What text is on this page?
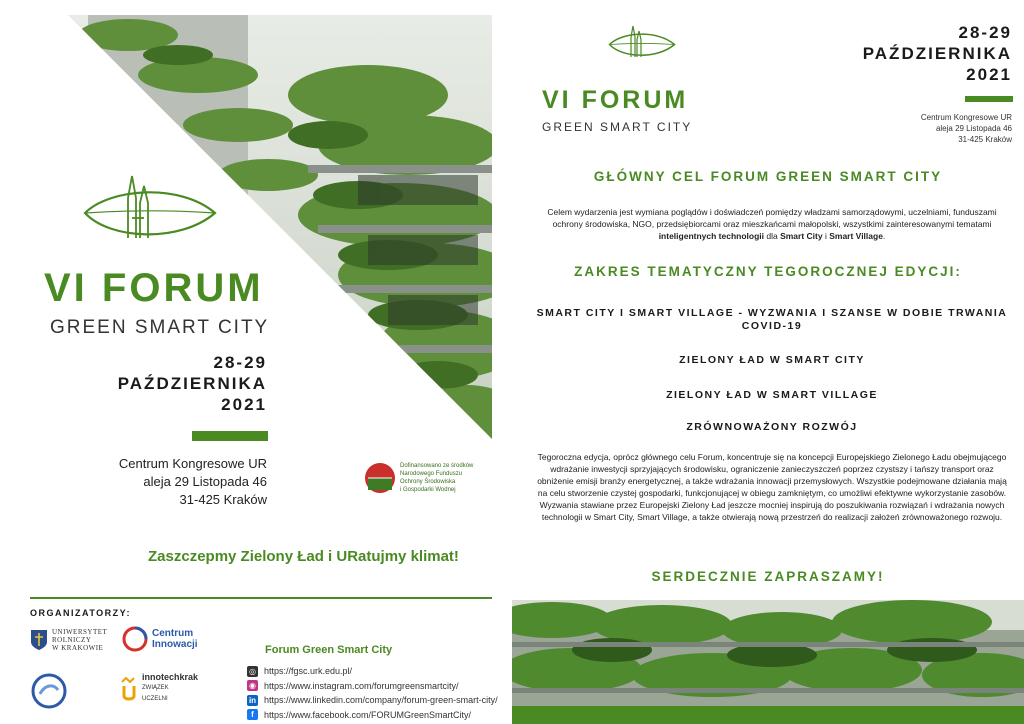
VI FORUM
GREEN SMART CITY
28-29
PAŹDZIERNIKA
2021
Centrum Kongresowe UR
aleja 29 Listopada 46
31-425 Kraków
Dofinansowano ze środków
Narodowego Funduszu
Ochrony Środowiska
i Gospodarki Wodnej
Zaszczepmy Zielony Ład i URatujmy klimat!
ORGANIZATORZY:
UNIWERSYTET
ROLNICZY
W KRAKOWIE
Centrum
Innowacji
innotechkrak
ZWIĄZEK
UCZELNI
Forum Green Smart City
◎ https://fgsc.urk.edu.pl/
◉ https://www.instagram.com/forumgreensmartcity/
in https://www.linkedin.com/company/forum-green-smart-city/
f	https://www.facebook.com/FORUMGreenSmartCity/
VI FORUM
GREEN SMART CITY
28-29
PAŹDZIERNIKA
2021
Centrum Kongresowe UR
aleja 29 Listopada 46
31-425 Kraków
GŁÓWNY CEL FORUM GREEN SMART CITY
Celem wydarzenia jest wymiana poglądów i doświadczeń pomiędzy władzami samorządowymi, uczelniami, funduszami ochrony środowiska, NGO, przedsiębiorcami oraz mieszkańcami małopolski, wszystkimi zainteresowanymi tematami inteligentnych technologii dla Smart City i Smart Village.
ZAKRES TEMATYCZNY TEGOROCZNEJ EDYCJI:
SMART CITY I SMART VILLAGE - WYZWANIA I SZANSE W DOBIE TRWANIA COVID-19
ZIELONY ŁAD W SMART CITY
ZIELONY ŁAD W SMART VILLAGE
ZRÓWNOWAŻONY ROZWÓJ
Tegoroczna edycja, oprócz głównego celu Forum, koncentruje się na koncepcji Europejskiego Zielonego Ładu obejmującego wdrażanie inwestycji sprzyjających środowisku, ograniczenie zanieczyszczeń poprzez czystszy i tańszy transport oraz obniżenie emisji branży energetycznej, a także wdrażania innowacji przemysłowych. Wszystkie podejmowane działania mają na celu stworzenie czystej gospodarki, funkcjonującej w obiegu zamkniętym, co umożliwi efektywne wykorzystanie zasobów. Wyzwania stawiane przez Europejski Zielony Ład jeszcze mocniej inspirują do poszukiwania rozwiązań i wdrażania nowych technologii w Smart City, Smart Village, a także otwierają nową przestrzeń do realizacji założeń zrównoważonego rozwoju.
SERDECZNIE ZAPRASZAMY!
